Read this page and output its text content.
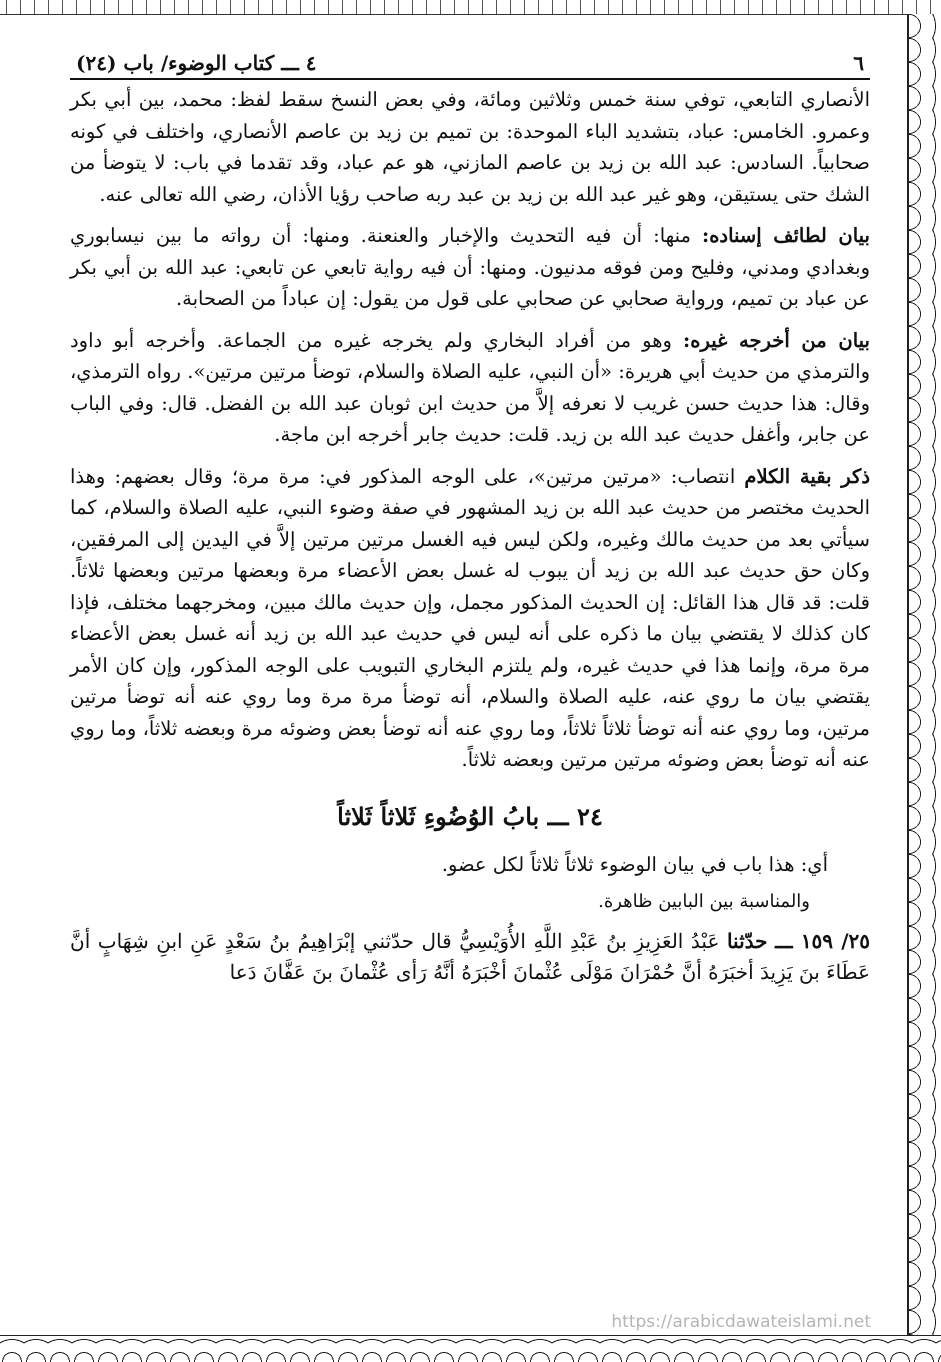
٦
٤ ـــ كتاب الوضوء/ باب (٢٤)

الأنصاري التابعي، توفي سنة خمس وثلاثين ومائة، وفي بعض النسخ سقط لفظ: محمد، بين أبي بكر وعمرو. الخامس: عباد، بتشديد الباء الموحدة: بن تميم بن زيد بن عاصم الأنصاري، واختلف في كونه صحابياً. السادس: عبد الله بن زيد بن عاصم المازني، هو عم عباد، وقد تقدما في باب: لا يتوضأ من الشك حتى يستيقن، وهو غير عبد الله بن زيد بن عبد ربه صاحب رؤيا الأذان، رضي الله تعالى عنه.

بيان لطائف إسناده: منها: أن فيه التحديث والإخبار والعنعنة. ومنها: أن رواته ما بين نيسابوري وبغدادي ومدني، وفليح ومن فوقه مدنيون. ومنها: أن فيه رواية تابعي عن تابعي: عبد الله بن أبي بكر عن عباد بن تميم، ورواية صحابي عن صحابي على قول من يقول: إن عباداً من الصحابة.

بيان من أخرجه غيره: وهو من أفراد البخاري ولم يخرجه غيره من الجماعة. وأخرجه أبو داود والترمذي من حديث أبي هريرة: «أن النبي، عليه الصلاة والسلام، توضأ مرتين مرتين». رواه الترمذي، وقال: هذا حديث حسن غريب لا نعرفه إلاَّ من حديث ابن ثوبان عبد الله بن الفضل. قال: وفي الباب عن جابر، وأغفل حديث عبد الله بن زيد. قلت: حديث جابر أخرجه ابن ماجة.

ذكر بقية الكلام انتصاب: «مرتين مرتين»، على الوجه المذكور في: مرة مرة؛ وقال بعضهم: وهذا الحديث مختصر من حديث عبد الله بن زيد المشهور في صفة وضوء النبي، عليه الصلاة والسلام، كما سيأتي بعد من حديث مالك وغيره، ولكن ليس فيه الغسل مرتين مرتين إلاَّ في اليدين إلى المرفقين، وكان حق حديث عبد الله بن زيد أن يبوب له غسل بعض الأعضاء مرة وبعضها مرتين وبعضها ثلاثاً. قلت: قد قال هذا القائل: إن الحديث المذكور مجمل، وإن حديث مالك مبين، ومخرجهما مختلف، فإذا كان كذلك لا يقتضي بيان ما ذكره على أنه ليس في حديث عبد الله بن زيد أنه غسل بعض الأعضاء مرة مرة، وإنما هذا في حديث غيره، ولم يلتزم البخاري التبويب على الوجه المذكور، وإن كان الأمر يقتضي بيان ما روي عنه، عليه الصلاة والسلام، أنه توضأ مرة مرة وما روي عنه أنه توضأ مرتين مرتين، وما روي عنه أنه توضأ ثلاثاً ثلاثاً، وما روي عنه أنه توضأ بعض وضوئه مرة وبعضه ثلاثاً، وما روي عنه أنه توضأ بعض وضوئه مرتين مرتين وبعضه ثلاثاً.

٢٤ ـــ بابُ الوُضُوءِ ثَلاثاً ثَلاثاً

أي: هذا باب في بيان الوضوء ثلاثاً ثلاثاً لكل عضو.

والمناسبة بين البابين ظاهرة.

٢٥/ ١٥٩ ـــ حدّثنا عَبْدُ العَزِيزِ بنُ عَبْدِ اللَّهِ الأُوَيْسِيُّ قال حدّثني إبْرَاهِيمُ بنُ سَعْدٍ عَنِ ابنِ شِهَابٍ أنَّ عَطَاءَ بنَ يَزِيدَ أخبَرَهُ أنَّ حُمْرَانَ مَوْلَى عُثْمانَ أخْبَرَهُ أنَّهُ رَأى عُثْمانَ بنَ عَفَّانَ دَعا

https://arabicdawateislami.net
